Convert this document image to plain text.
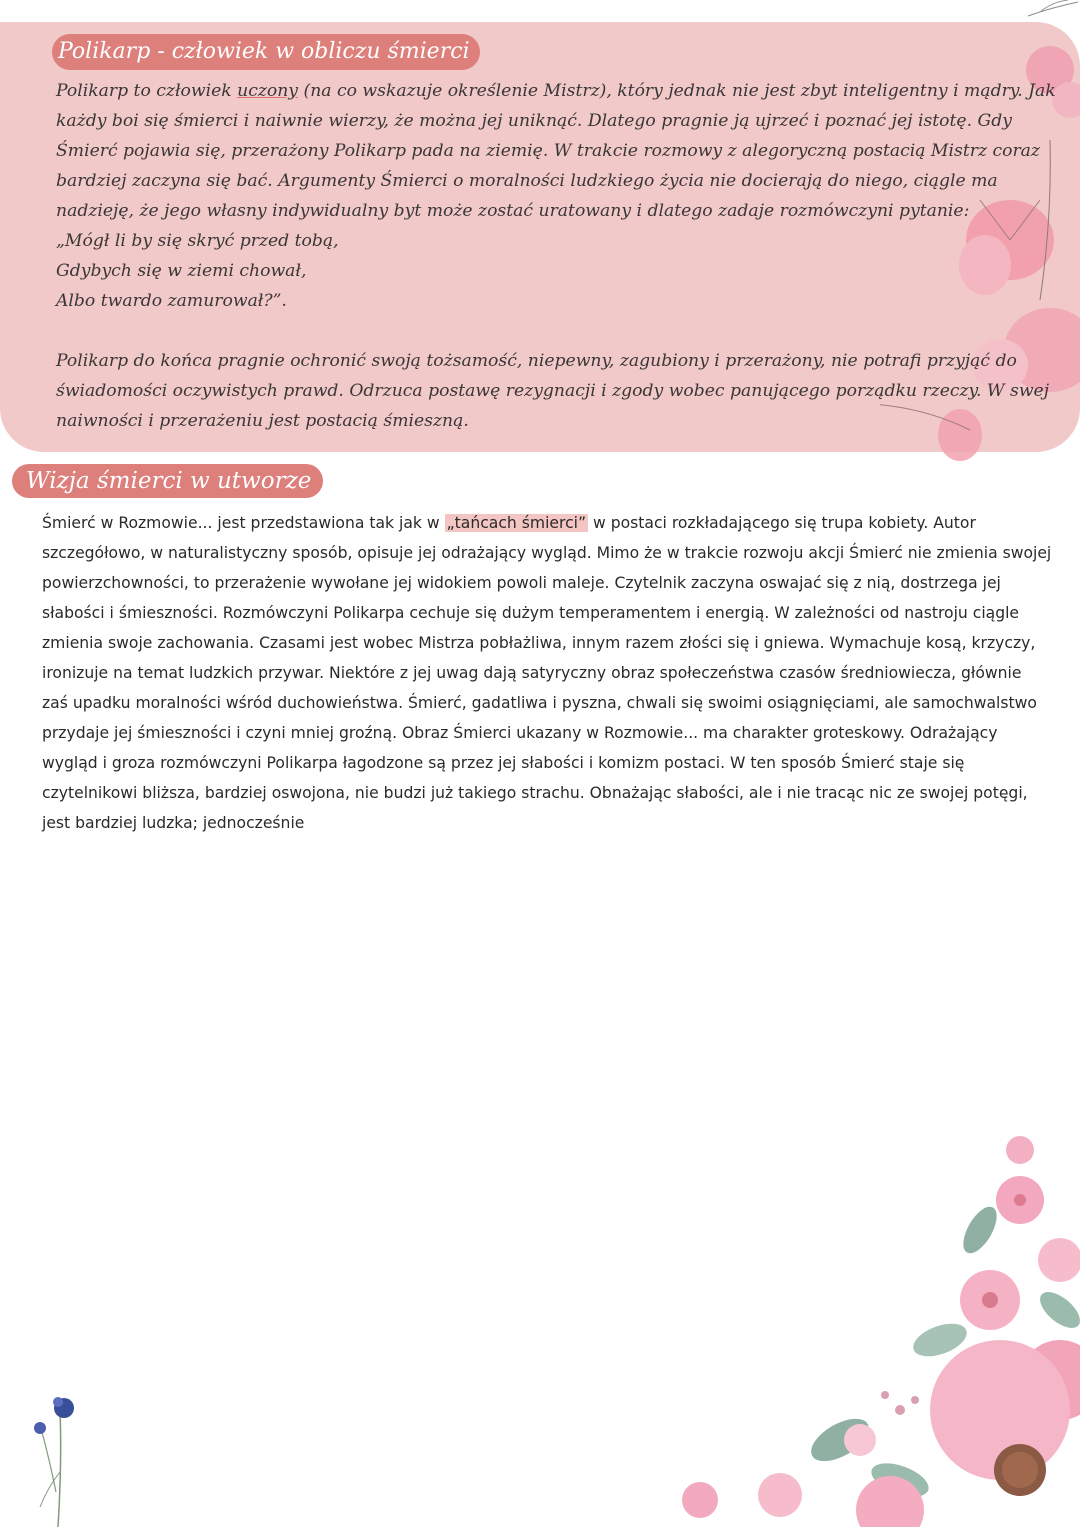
Polikarp - człowiek w obliczu śmierci

Polikarp to człowiek uczony (na co wskazuje określenie Mistrz), który jednak nie jest zbyt inteligentny i mądry. Jak każdy boi się śmierci i naiwnie wierzy, że można jej uniknąć. Dlatego pragnie ją ujrzeć i poznać jej istotę. Gdy Śmierć pojawia się, przerażony Polikarp pada na ziemię. W trakcie rozmowy z alegoryczną postacią Mistrz coraz bardziej zaczyna się bać. Argumenty Śmierci o moralności ludzkiego życia nie docierają do niego, ciągle ma nadzieję, że jego własny indywidualny byt może zostać uratowany i dlatego zadaje rozmówczyni pytanie:

„Mógł li by się skryć przed tobą,

Gdybych się w ziemi chował,

Albo twardo zamurował?”.

Polikarp do końca pragnie ochronić swoją tożsamość, niepewny, zagubiony i przerażony, nie potrafi przyjąć do świadomości oczywistych prawd. Odrzuca postawę rezygnacji i zgody wobec panującego porządku rzeczy. W swej naiwności i przerażeniu jest postacią śmieszną.

Wizja śmierci w utworze
Śmierć w Rozmowie... jest przedstawiona tak jak w „tańcach śmierci” w postaci rozkładającego się trupa kobiety. Autor szczegółowo, w naturalistyczny sposób, opisuje jej odrażający wygląd. Mimo że w trakcie rozwoju akcji Śmierć nie zmienia swojej powierzchowności, to przerażenie wywołane jej widokiem powoli maleje. Czytelnik zaczyna oswajać się z nią, dostrzega jej słabości i śmieszności. Rozmówczyni Polikarpa cechuje się dużym temperamentem i energią. W zależności od nastroju ciągle zmienia swoje zachowania. Czasami jest wobec Mistrza pobłażliwa, innym razem złości się i gniewa. Wymachuje kosą, krzyczy, ironizuje na temat ludzkich przywar. Niektóre z jej uwag dają satyryczny obraz społeczeństwa czasów średniowiecza, głównie zaś upadku moralności wśród duchowieństwa. Śmierć, gadatliwa i pyszna, chwali się swoimi osiągnięciami, ale samochwalstwo przydaje jej śmieszności i czyni mniej groźną. Obraz Śmierci ukazany w Rozmowie... ma charakter groteskowy. Odrażający wygląd i groza rozmówczyni Polikarpa łagodzone są przez jej słabości i komizm postaci. W ten sposób Śmierć staje się czytelnikowi bliższa, bardziej oswojona, nie budzi już takiego strachu. Obnażając słabości, ale i nie tracąc nic ze swojej potęgi, jest bardziej ludzka; jednocześnie
